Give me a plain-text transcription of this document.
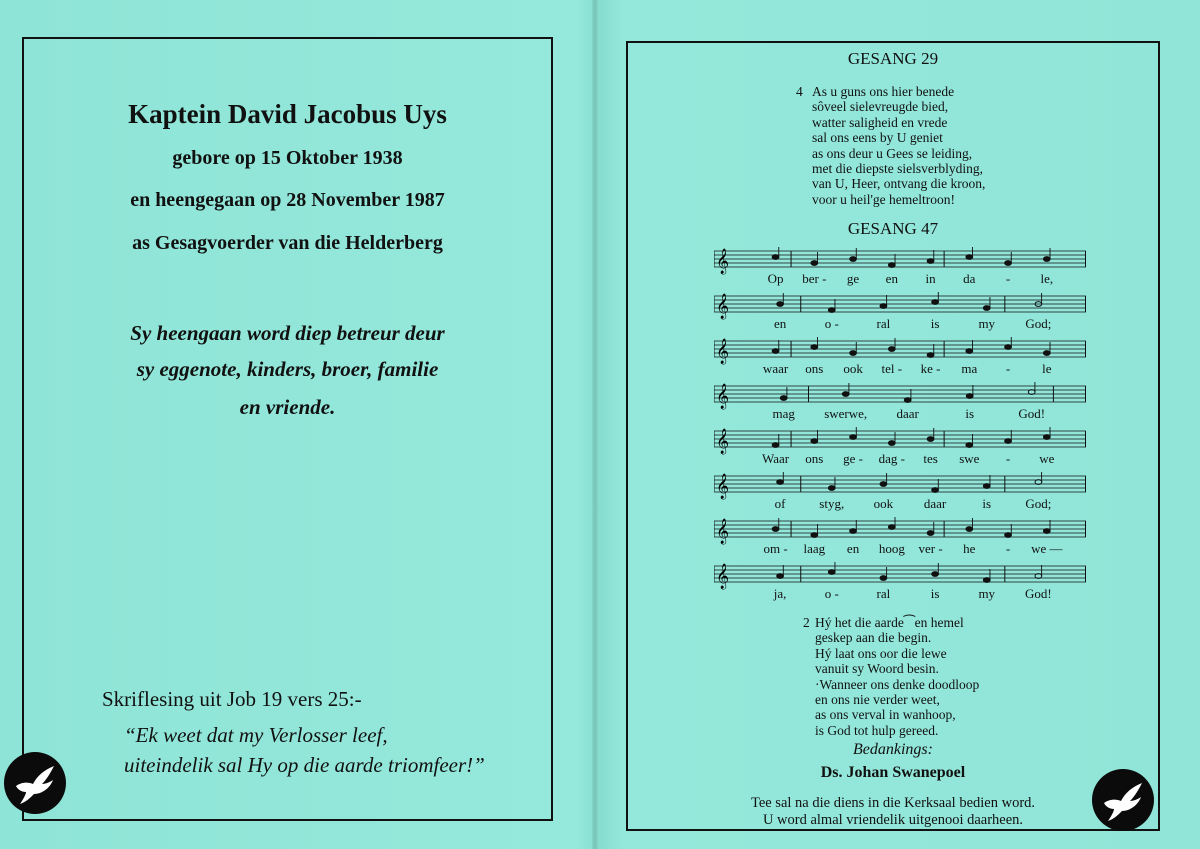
Kaptein David Jacobus Uys
gebore op 15 Oktober 1938
en heengegaan op 28 November 1987
as Gesagvoerder van die Helderberg
Sy heengaan word diep betreur deur
sy eggenote, kinders, broer, familie
en vriende.
Skriflesing uit Job 19 vers 25:-
“Ek weet dat my Verlosser leef,
uiteindelik sal Hy op die aarde triomfeer!”
GESANG 29
4 As u guns ons hier benede
sôveel sielevreugde bied,
watter saligheid en vrede
sal ons eens by U geniet
as ons deur u Gees se leiding,
met die diepste sielsverblyding,
van U, Heer, ontvang die kroon,
voor u heil'ge hemeltroon!
GESANG 47
𝄞
Op ber - ge en in da - le,
𝄞
en	o -	ral	is	my God;
𝄞
waar ons ook tel - ke - ma - le
𝄞
mag swerwe, daar	is	God!
𝄞
Waar ons ge - dag - tes swe - we
𝄞
of	styg, ook daar	is	God;
𝄞
om - laag en hoog ver - he - we —
𝄞
ja,	o -	ral	is	my God!
2 Hý het die aarde⁀en hemel
geskep aan die begin.
Hý laat ons oor die lewe
vanuit sy Woord besin.
·Wanneer ons denke doodloop
en ons nie verder weet,
as ons verval in wanhoop,
is God tot hulp gereed.
Bedankings:
Ds. Johan Swanepoel
Tee sal na die diens in die Kerksaal bedien word.
U word almal vriendelik uitgenooi daarheen.
